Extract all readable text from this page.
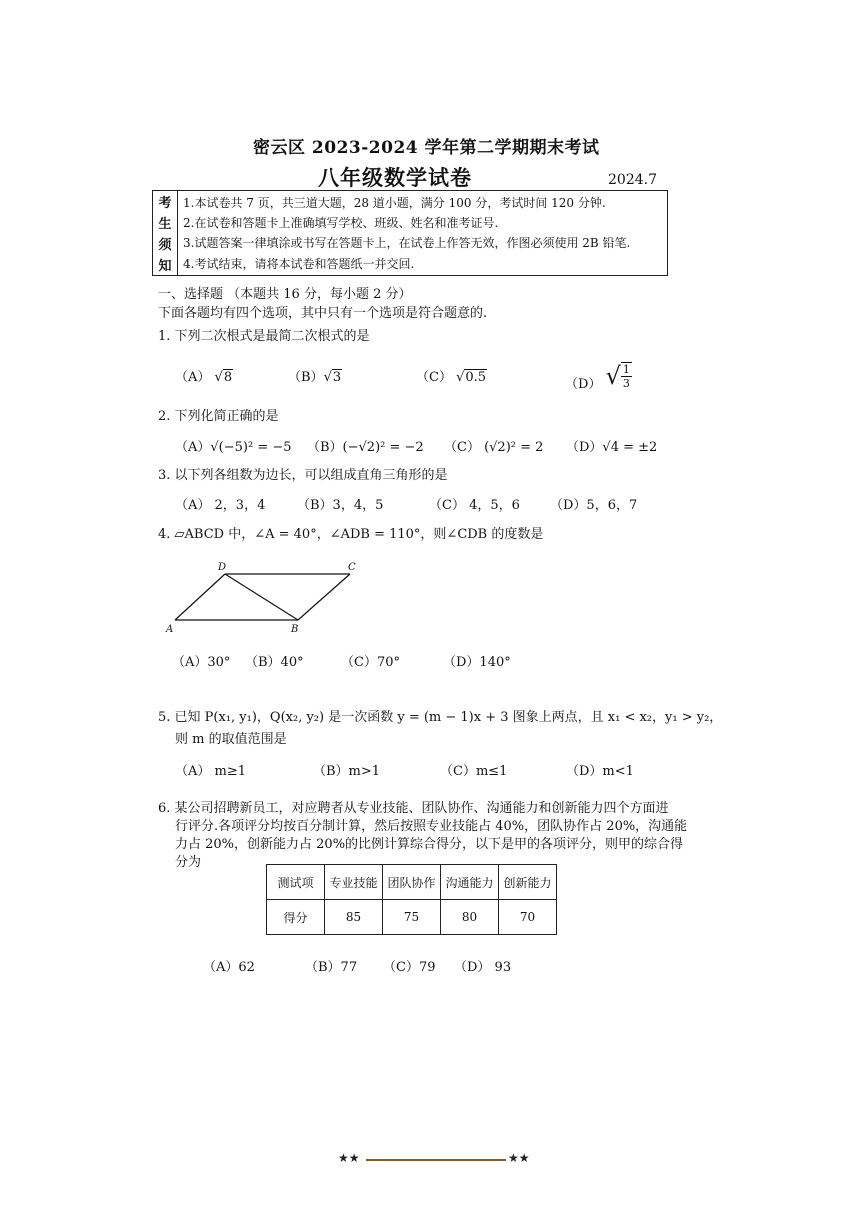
密云区 2023-2024 学年第二学期期末考试
八年级数学试卷	2024.7
考
生
须
知
1.本试卷共 7 页，共三道大题，28 道小题，满分 100 分，考试时间 120 分钟.
2.在试卷和答题卡上准确填写学校、班级、姓名和准考证号.
3.试题答案一律填涂或书写在答题卡上，在试卷上作答无效，作图必须使用 2B 铅笔.
4.考试结束，请将本试卷和答题纸一并交回.
一、选择题 （本题共 16 分，每小题 2 分）
下面各题均有四个选项，其中只有一个选项是符合题意的.
1. 下列二次根式是最简二次根式的是
（A） √8	（B）√3	（C） √0.5	（D） √ $\frac{1}{3}$
2. 下列化简正确的是
（A）√(−5)² = −5 （B）(−√2)² = −2 （C） (√2)² = 2 （D）√4 = ±2
3. 以下列各组数为边长，可以组成直角三角形的是
（A） 2，3，4 （B）3，4，5	（C） 4，5，6 （D）5，6，7
4. ▱ABCD 中，∠A = 40°，∠ADB = 110°，则∠CDB 的度数是
D	C
A	B
（A）30° （B）40°	（C）70°	（D）140°
5. 已知 P(x₁, y₁)，Q(x₂, y₂) 是一次函数 y = (m − 1)x + 3 图象上两点，且 x₁ < x₂，y₁ > y₂，
则 m 的取值范围是
（A） m≥1	（B）m>1	（C）m≤1	（D）m<1
6. 某公司招聘新员工，对应聘者从专业技能、团队协作、沟通能力和创新能力四个方面进
行评分.各项评分均按百分制计算，然后按照专业技能占 40%，团队协作占 20%，沟通能
力占 20%，创新能力占 20%的比例计算综合得分，以下是甲的各项评分，则甲的综合得
分为
测试项	专业技能	团队协作	沟通能力	创新能力
得分	85	75	80	70
（A）62	（B）77 （C）79 （D） 93
★★	★★
